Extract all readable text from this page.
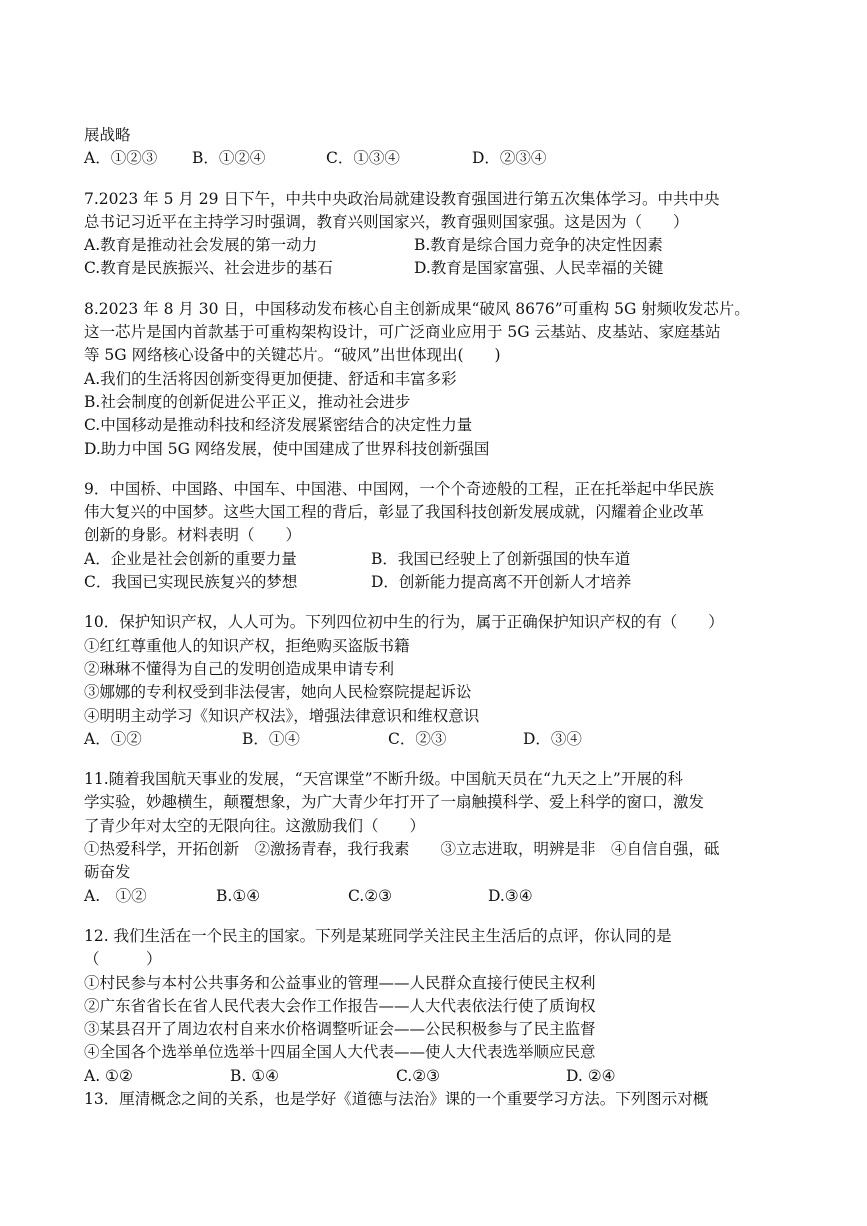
展战略
A．①②③	B．①②④	C．①③④	D．②③④
7.2023 年 5 月 29 日下午，中共中央政治局就建设教育强国进行第五次集体学习。中共中央
总书记习近平在主持学习时强调，教育兴则国家兴，教育强则国家强。这是因为（　　）
A.教育是推动社会发展的第一动力	B.教育是综合国力竞争的决定性因素
C.教育是民族振兴、社会进步的基石	D.教育是国家富强、人民幸福的关键
8.2023 年 8 月 30 日，中国移动发布核心自主创新成果“破风 8676”可重构 5G 射频收发芯片。
这一芯片是国内首款基于可重构架构设计，可广泛商业应用于 5G 云基站、皮基站、家庭基站
等 5G 网络核心设备中的关键芯片。“破风”出世体现出(　　)
A.我们的生活将因创新变得更加便捷、舒适和丰富多彩
B.社会制度的创新促进公平正义，推动社会进步
C.中国移动是推动科技和经济发展紧密结合的决定性力量
D.助力中国 5G 网络发展，使中国建成了世界科技创新强国
9．中国桥、中国路、中国车、中国港、中国网，一个个奇迹般的工程，正在托举起中华民族
伟大复兴的中国梦。这些大国工程的背后，彰显了我国科技创新发展成就，闪耀着企业改革
创新的身影。材料表明（　　）
A．企业是社会创新的重要力量	B．我国已经驶上了创新强国的快车道
C．我国已实现民族复兴的梦想	D．创新能力提高离不开创新人才培养
10．保护知识产权，人人可为。下列四位初中生的行为，属于正确保护知识产权的有（　　）
①红红尊重他人的知识产权，拒绝购买盗版书籍
②琳琳不懂得为自己的发明创造成果申请专利
③娜娜的专利权受到非法侵害，她向人民检察院提起诉讼
④明明主动学习《知识产权法》，增强法律意识和维权意识
A．①②	B．①④	C．②③	D．③④
11.随着我国航天事业的发展，“天宫课堂”不断升级。中国航天员在“九天之上”开展的科
学实验，妙趣横生，颠覆想象，为广大青少年打开了一扇触摸科学、爱上科学的窗口，激发
了青少年对太空的无限向往。这激励我们（　　）
①热爱科学，开拓创新　②激扬青春，我行我素　　③立志进取，明辨是非　④自信自强，砥
砺奋发
A.　①②	B.①④	C.②③	D.③④
12. 我们生活在一个民主的国家。下列是某班同学关注民主生活后的点评，你认同的是
（　　　）
①村民参与本村公共事务和公益事业的管理——人民群众直接行使民主权利
②广东省省长在省人民代表大会作工作报告——人大代表依法行使了质询权
③某县召开了周边农村自来水价格调整听证会——公民积极参与了民主监督
④全国各个选举单位选举十四届全国人大代表——使人大代表选举顺应民意
A. ①②	B. ①④	C.②③	D. ②④
13．厘清概念之间的关系，也是学好《道德与法治》课的一个重要学习方法。下列图示对概
